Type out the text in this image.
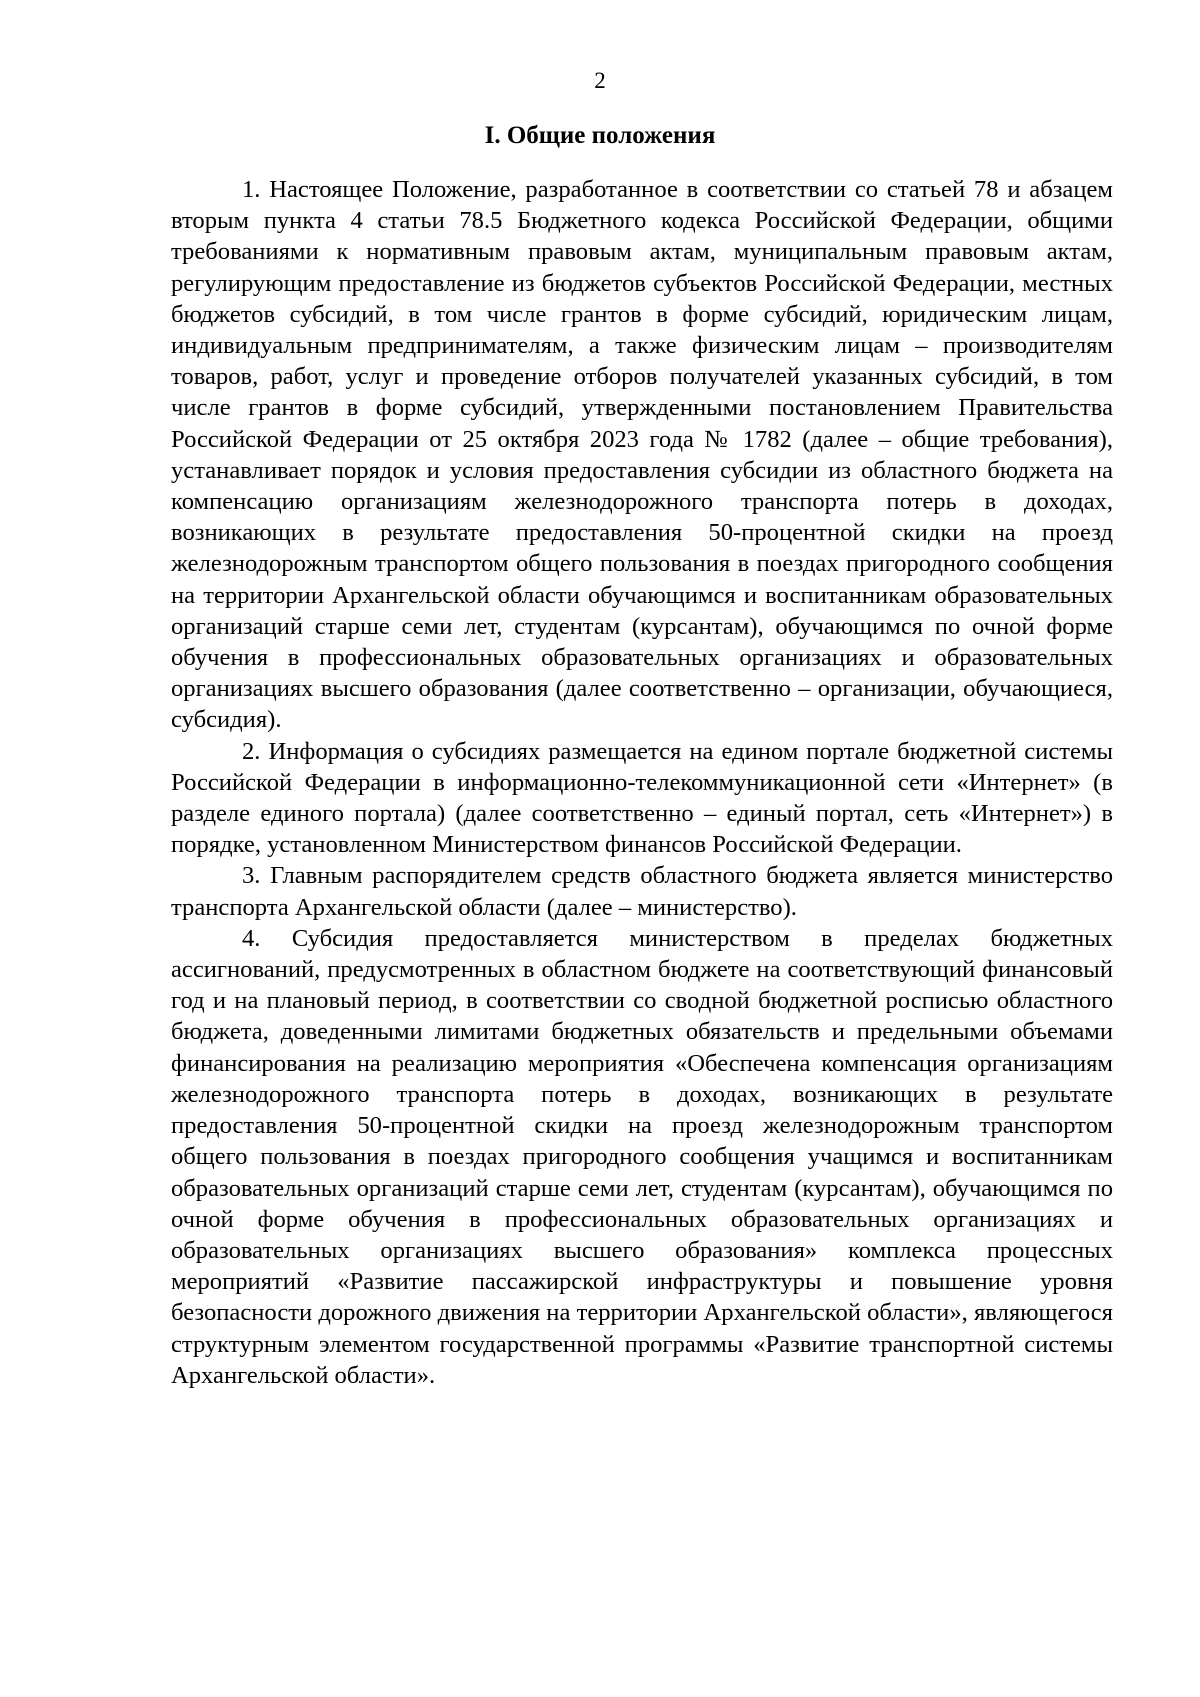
2
I. Общие положения

1. Настоящее Положение, разработанное в соответствии со статьей 78 и абзацем вторым пункта 4 статьи 78.5 Бюджетного кодекса Российской Федерации, общими требованиями к нормативным правовым актам, муниципальным правовым актам, регулирующим предоставление из бюджетов субъектов Российской Федерации, местных бюджетов субсидий, в том числе грантов в форме субсидий, юридическим лицам, индивидуальным предпринимателям, а также физическим лицам – производителям товаров, работ, услуг и проведение отборов получателей указанных субсидий, в том числе грантов в форме субсидий, утвержденными постановлением Правительства Российской Федерации от 25 октября 2023 года № 1782 (далее – общие требования), устанавливает порядок и условия предоставления субсидии из областного бюджета на компенсацию организациям железнодорожного транспорта потерь в доходах, возникающих в результате предоставления 50-процентной скидки на проезд железнодорожным транспортом общего пользования в поездах пригородного сообщения на территории Архангельской области обучающимся и воспитанникам образовательных организаций старше семи лет, студентам (курсантам), обучающимся по очной форме обучения в профессиональных образовательных организациях и образовательных организациях высшего образования (далее соответственно – организации, обучающиеся, субсидия).

2. Информация о субсидиях размещается на едином портале бюджетной системы Российской Федерации в информационно-телекоммуникационной сети «Интернет» (в разделе единого портала) (далее соответственно – единый портал, сеть «Интернет») в порядке, установленном Министерством финансов Российской Федерации.

3. Главным распорядителем средств областного бюджета является министерство транспорта Архангельской области (далее – министерство).

4. Субсидия предоставляется министерством в пределах бюджетных ассигнований, предусмотренных в областном бюджете на соответствующий финансовый год и на плановый период, в соответствии со сводной бюджетной росписью областного бюджета, доведенными лимитами бюджетных обязательств и предельными объемами финансирования на реализацию мероприятия «Обеспечена компенсация организациям железнодорожного транспорта потерь в доходах, возникающих в результате предоставления 50-процентной скидки на проезд железнодорожным транспортом общего пользования в поездах пригородного сообщения учащимся и воспитанникам образовательных организаций старше семи лет, студентам (курсантам), обучающимся по очной форме обучения в профессиональных образовательных организациях и образовательных организациях высшего образования» комплекса процессных мероприятий «Развитие пассажирской инфраструктуры и повышение уровня безопасности дорожного движения на территории Архангельской области», являющегося структурным элементом государственной программы «Развитие транспортной системы Архангельской области».
